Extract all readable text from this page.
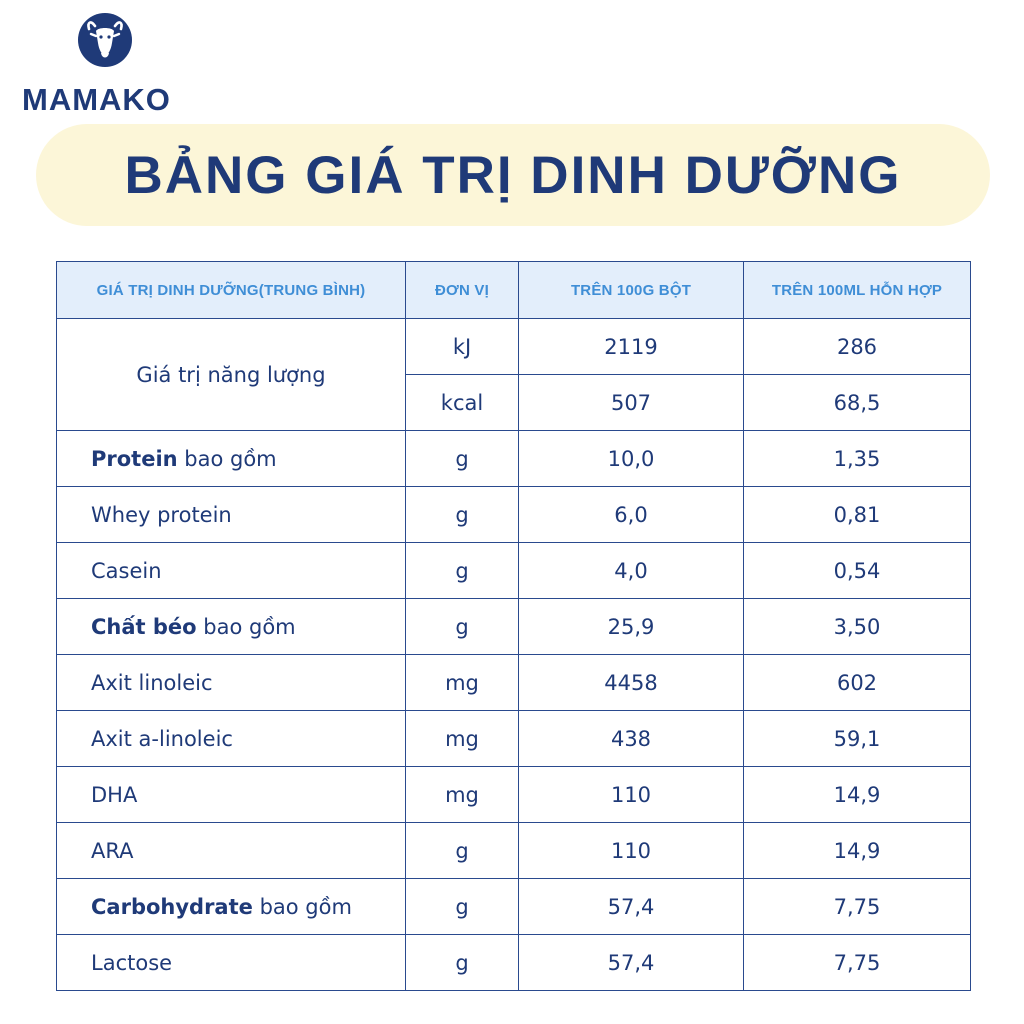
MAMAKO
BẢNG GIÁ TRỊ DINH DƯỠNG
GIÁ TRỊ DINH DƯỠNG(TRUNG BÌNH)	ĐƠN VỊ	TRÊN 100G BỘT	TRÊN 100ML HỖN HỢP
Giá trị năng lượng	kJ	2119	286
	kcal	507	68,5
Protein bao gồm	g	10,0	1,35
Whey protein	g	6,0	0,81
Casein	g	4,0	0,54
Chất béo bao gồm	g	25,9	3,50
Axit linoleic	mg	4458	602
Axit a-linoleic	mg	438	59,1
DHA	mg	110	14,9
ARA	g	110	14,9
Carbohydrate bao gồm	g	57,4	7,75
Lactose	g	57,4	7,75
